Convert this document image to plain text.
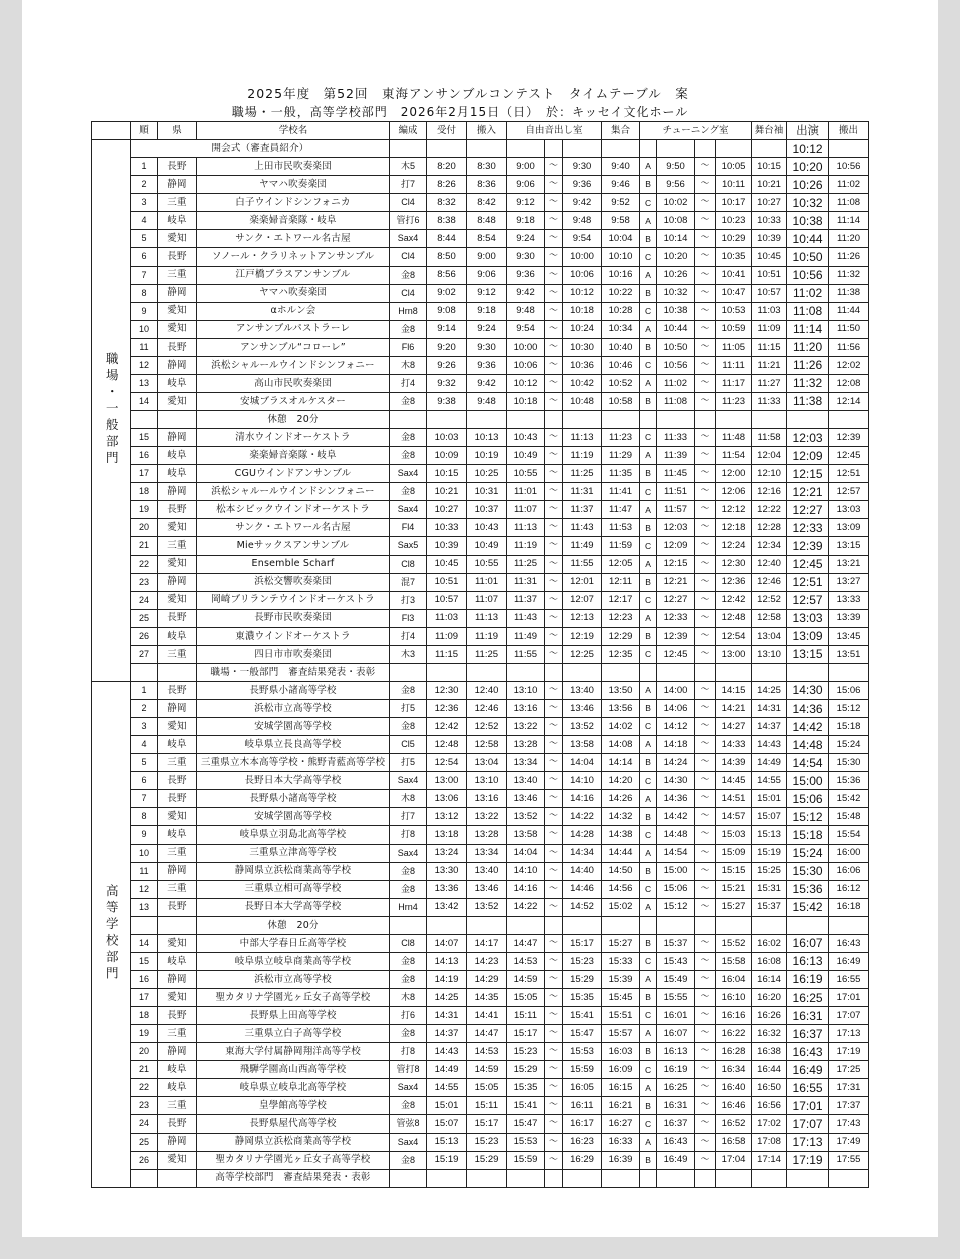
2025年度　第52回　東海アンサンブルコンテスト　タイムテーブル　案
職場・一般，高等学校部門　2026年2月15日（日）　於：キッセイ文化ホール
	順	県	学校名	編成	受付	搬入	自由音出し室			集合	チューニング室				舞台袖	出演	搬出
職場・一般部門	開会式（審査員紹介）															10:12	
	1	長野	上田市民吹奏楽団	木5	8:20	8:30	9:00	～	9:30	9:40	A	9:50	～	10:05	10:15	10:20	10:56
	2	静岡	ヤマハ吹奏楽団	打7	8:26	8:36	9:06	～	9:36	9:46	B	9:56	～	10:11	10:21	10:26	11:02
	3	三重	白子ウインドシンフォニカ	Cl4	8:32	8:42	9:12	～	9:42	9:52	C	10:02	～	10:17	10:27	10:32	11:08
	4	岐阜	楽楽婦音楽隊・岐阜	管打6	8:38	8:48	9:18	～	9:48	9:58	A	10:08	～	10:23	10:33	10:38	11:14
	5	愛知	サンク・エトワール名古屋	Sax4	8:44	8:54	9:24	～	9:54	10:04	B	10:14	～	10:29	10:39	10:44	11:20
	6	長野	ソノール・クラリネットアンサンブル	Cl4	8:50	9:00	9:30	～	10:00	10:10	C	10:20	～	10:35	10:45	10:50	11:26
	7	三重	江戸橋ブラスアンサンブル	金8	8:56	9:06	9:36	～	10:06	10:16	A	10:26	～	10:41	10:51	10:56	11:32
	8	静岡	ヤマハ吹奏楽団	Cl4	9:02	9:12	9:42	～	10:12	10:22	B	10:32	～	10:47	10:57	11:02	11:38
	9	愛知	αホルン会	Hrn8	9:08	9:18	9:48	～	10:18	10:28	C	10:38	～	10:53	11:03	11:08	11:44
	10	愛知	アンサンブルパストラーレ	金8	9:14	9:24	9:54	～	10:24	10:34	A	10:44	～	10:59	11:09	11:14	11:50
	11	長野	アンサンブル“コローレ”	Fl6	9:20	9:30	10:00	～	10:30	10:40	B	10:50	～	11:05	11:15	11:20	11:56
	12	静岡	浜松シャルールウインドシンフォニー	木8	9:26	9:36	10:06	～	10:36	10:46	C	10:56	～	11:11	11:21	11:26	12:02
	13	岐阜	高山市民吹奏楽団	打4	9:32	9:42	10:12	～	10:42	10:52	A	11:02	～	11:17	11:27	11:32	12:08
	14	愛知	安城ブラスオルケスター	金8	9:38	9:48	10:18	～	10:48	10:58	B	11:08	～	11:23	11:33	11:38	12:14
			休憩　20分														
	15	静岡	清水ウインドオーケストラ	金8	10:03	10:13	10:43	～	11:13	11:23	C	11:33	～	11:48	11:58	12:03	12:39
	16	岐阜	楽楽婦音楽隊・岐阜	金8	10:09	10:19	10:49	～	11:19	11:29	A	11:39	～	11:54	12:04	12:09	12:45
	17	岐阜	CGUウインドアンサンブル	Sax4	10:15	10:25	10:55	～	11:25	11:35	B	11:45	～	12:00	12:10	12:15	12:51
	18	静岡	浜松シャルールウインドシンフォニー	金8	10:21	10:31	11:01	～	11:31	11:41	C	11:51	～	12:06	12:16	12:21	12:57
	19	長野	松本シビックウインドオーケストラ	Sax4	10:27	10:37	11:07	～	11:37	11:47	A	11:57	～	12:12	12:22	12:27	13:03
	20	愛知	サンク・エトワール名古屋	Fl4	10:33	10:43	11:13	～	11:43	11:53	B	12:03	～	12:18	12:28	12:33	13:09
	21	三重	Mieサックスアンサンブル	Sax5	10:39	10:49	11:19	～	11:49	11:59	C	12:09	～	12:24	12:34	12:39	13:15
	22	愛知	Ensemble Scharf	Cl8	10:45	10:55	11:25	～	11:55	12:05	A	12:15	～	12:30	12:40	12:45	13:21
	23	静岡	浜松交響吹奏楽団	混7	10:51	11:01	11:31	～	12:01	12:11	B	12:21	～	12:36	12:46	12:51	13:27
	24	愛知	岡崎ブリランテウインドオーケストラ	打3	10:57	11:07	11:37	～	12:07	12:17	C	12:27	～	12:42	12:52	12:57	13:33
	25	長野	長野市民吹奏楽団	Fl3	11:03	11:13	11:43	～	12:13	12:23	A	12:33	～	12:48	12:58	13:03	13:39
	26	岐阜	東濃ウインドオーケストラ	打4	11:09	11:19	11:49	～	12:19	12:29	B	12:39	～	12:54	13:04	13:09	13:45
	27	三重	四日市市吹奏楽団	木3	11:15	11:25	11:55	～	12:25	12:35	C	12:45	～	13:00	13:10	13:15	13:51
			職場・一般部門　審査結果発表・表彰														
高等学校部門	1	長野	長野県小諸高等学校	金8	12:30	12:40	13:10	～	13:40	13:50	A	14:00	～	14:15	14:25	14:30	15:06
	2	静岡	浜松市立高等学校	打5	12:36	12:46	13:16	～	13:46	13:56	B	14:06	～	14:21	14:31	14:36	15:12
	3	愛知	安城学園高等学校	金8	12:42	12:52	13:22	～	13:52	14:02	C	14:12	～	14:27	14:37	14:42	15:18
	4	岐阜	岐阜県立長良高等学校	Cl5	12:48	12:58	13:28	～	13:58	14:08	A	14:18	～	14:33	14:43	14:48	15:24
	5	三重	三重県立木本高等学校・熊野青藍高等学校	打5	12:54	13:04	13:34	～	14:04	14:14	B	14:24	～	14:39	14:49	14:54	15:30
	6	長野	長野日本大学高等学校	Sax4	13:00	13:10	13:40	～	14:10	14:20	C	14:30	～	14:45	14:55	15:00	15:36
	7	長野	長野県小諸高等学校	木8	13:06	13:16	13:46	～	14:16	14:26	A	14:36	～	14:51	15:01	15:06	15:42
	8	愛知	安城学園高等学校	打7	13:12	13:22	13:52	～	14:22	14:32	B	14:42	～	14:57	15:07	15:12	15:48
	9	岐阜	岐阜県立羽島北高等学校	打8	13:18	13:28	13:58	～	14:28	14:38	C	14:48	～	15:03	15:13	15:18	15:54
	10	三重	三重県立津高等学校	Sax4	13:24	13:34	14:04	～	14:34	14:44	A	14:54	～	15:09	15:19	15:24	16:00
	11	静岡	静岡県立浜松商業高等学校	金8	13:30	13:40	14:10	～	14:40	14:50	B	15:00	～	15:15	15:25	15:30	16:06
	12	三重	三重県立相可高等学校	金8	13:36	13:46	14:16	～	14:46	14:56	C	15:06	～	15:21	15:31	15:36	16:12
	13	長野	長野日本大学高等学校	Hrn4	13:42	13:52	14:22	～	14:52	15:02	A	15:12	～	15:27	15:37	15:42	16:18
			休憩　20分														
	14	愛知	中部大学春日丘高等学校	Cl8	14:07	14:17	14:47	～	15:17	15:27	B	15:37	～	15:52	16:02	16:07	16:43
	15	岐阜	岐阜県立岐阜商業高等学校	金8	14:13	14:23	14:53	～	15:23	15:33	C	15:43	～	15:58	16:08	16:13	16:49
	16	静岡	浜松市立高等学校	金8	14:19	14:29	14:59	～	15:29	15:39	A	15:49	～	16:04	16:14	16:19	16:55
	17	愛知	聖カタリナ学園光ヶ丘女子高等学校	木8	14:25	14:35	15:05	～	15:35	15:45	B	15:55	～	16:10	16:20	16:25	17:01
	18	長野	長野県上田高等学校	打6	14:31	14:41	15:11	～	15:41	15:51	C	16:01	～	16:16	16:26	16:31	17:07
	19	三重	三重県立白子高等学校	金8	14:37	14:47	15:17	～	15:47	15:57	A	16:07	～	16:22	16:32	16:37	17:13
	20	静岡	東海大学付属静岡翔洋高等学校	打8	14:43	14:53	15:23	～	15:53	16:03	B	16:13	～	16:28	16:38	16:43	17:19
	21	岐阜	飛騨学園高山西高等学校	管打8	14:49	14:59	15:29	～	15:59	16:09	C	16:19	～	16:34	16:44	16:49	17:25
	22	岐阜	岐阜県立岐阜北高等学校	Sax4	14:55	15:05	15:35	～	16:05	16:15	A	16:25	～	16:40	16:50	16:55	17:31
	23	三重	皇學館高等学校	金8	15:01	15:11	15:41	～	16:11	16:21	B	16:31	～	16:46	16:56	17:01	17:37
	24	長野	長野県屋代高等学校	管弦8	15:07	15:17	15:47	～	16:17	16:27	C	16:37	～	16:52	17:02	17:07	17:43
	25	静岡	静岡県立浜松商業高等学校	Sax4	15:13	15:23	15:53	～	16:23	16:33	A	16:43	～	16:58	17:08	17:13	17:49
	26	愛知	聖カタリナ学園光ヶ丘女子高等学校	金8	15:19	15:29	15:59	～	16:29	16:39	B	16:49	～	17:04	17:14	17:19	17:55
			高等学校部門　審査結果発表・表彰														
